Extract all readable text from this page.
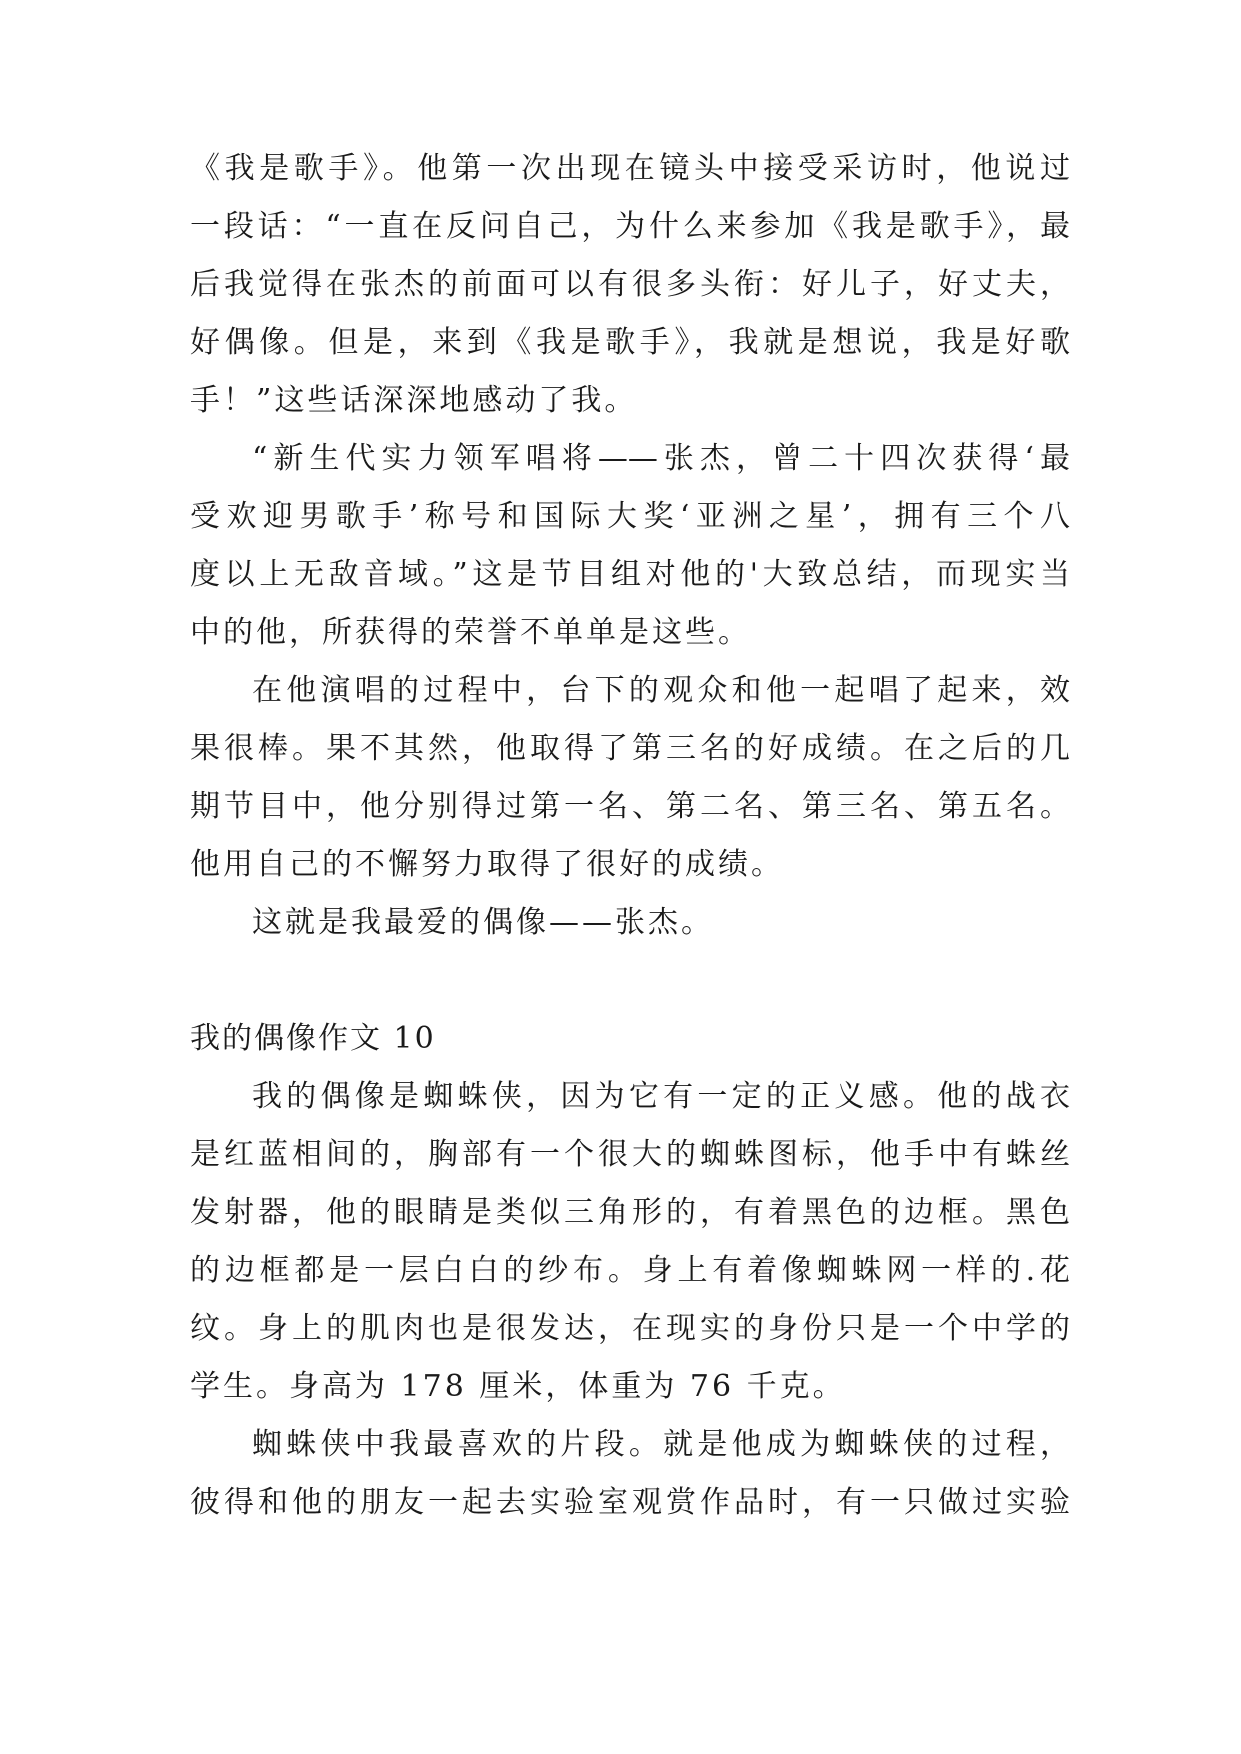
《我是歌手》。他第一次出现在镜头中接受采访时，他说过
一段话：“一直在反问自己，为什么来参加《我是歌手》，最
后我觉得在张杰的前面可以有很多头衔：好儿子，好丈夫，
好偶像。但是，来到《我是歌手》，我就是想说，我是好歌
手！”这些话深深地感动了我。
“新生代实力领军唱将——张杰，曾二十四次获得‘最
受欢迎男歌手’称号和国际大奖‘亚洲之星’，拥有三个八
度以上无敌音域。”这是节目组对他的'大致总结，而现实当
中的他，所获得的荣誉不单单是这些。
在他演唱的过程中，台下的观众和他一起唱了起来，效
果很棒。果不其然，他取得了第三名的好成绩。在之后的几
期节目中，他分别得过第一名、第二名、第三名、第五名。
他用自己的不懈努力取得了很好的成绩。
这就是我最爱的偶像——张杰。
我的偶像作文 10
我的偶像是蜘蛛侠，因为它有一定的正义感。他的战衣
是红蓝相间的，胸部有一个很大的蜘蛛图标，他手中有蛛丝
发射器，他的眼睛是类似三角形的，有着黑色的边框。黑色
的边框都是一层白白的纱布。身上有着像蜘蛛网一样的.花
纹。身上的肌肉也是很发达，在现实的身份只是一个中学的
学生。身高为 178 厘米，体重为 76 千克。
蜘蛛侠中我最喜欢的片段。就是他成为蜘蛛侠的过程，
彼得和他的朋友一起去实验室观赏作品时，有一只做过实验
